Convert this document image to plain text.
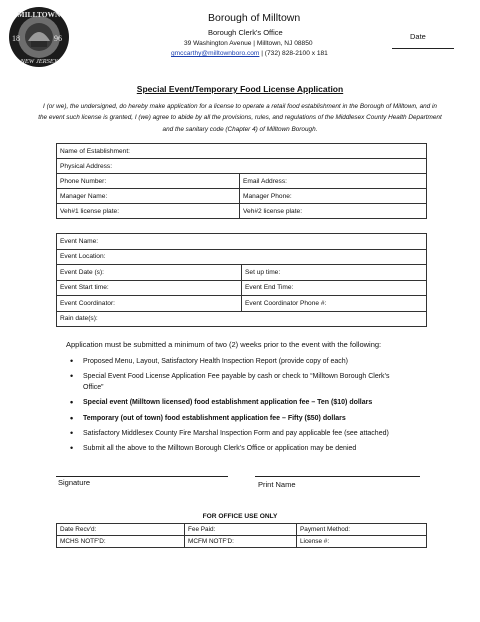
MILLTOWN
18	96
NEW JERSEY
Borough of Milltown
Borough Clerk's Office
39 Washington Avenue | Milltown, NJ 08850
gmccarthy@milltownboro.com | (732) 828-2100 x 181
Date
Special Event/Temporary Food License Application
I (or we), the undersigned, do hereby make application for a license to operate a retail food establishment in the Borough of Milltown, and in the event such license is granted, I (we) agree to abide by all the provisions, rules, and regulations of the Middlesex County Health Department and the sanitary code (Chapter 4) of Milltown Borough.
Name of Establishment:	
Physical Address:	
Phone Number:	Email Address:
Manager Name:	Manager Phone:
Veh#1 license plate:	Veh#2 license plate:
Event Name:	
Event Location:	
Event Date (s):	Set up time:
Event Start time:	Event End Time:
Event Coordinator:	Event Coordinator Phone #:
Rain date(s):	
Application must be submitted a minimum of two (2) weeks prior to the event with the following:
• Proposed Menu, Layout, Satisfactory Health Inspection Report (provide copy of each)
• Special Event Food License Application Fee payable by cash or check to “Milltown Borough Clerk’s Office”
• Special event (Milltown licensed) food establishment application fee – Ten ($10) dollars
• Temporary (out of town) food establishment application fee – Fifty ($50) dollars
• Satisfactory Middlesex County Fire Marshal Inspection Form and pay applicable fee (see attached)
• Submit all the above to the Milltown Borough Clerk’s Office or application may be denied
Signature	Print Name
FOR OFFICE USE ONLY
Date Recv'd:	Fee Paid:	Payment Method:
MCHS NOTF'D:	MCFM NOTF'D:	License #:
